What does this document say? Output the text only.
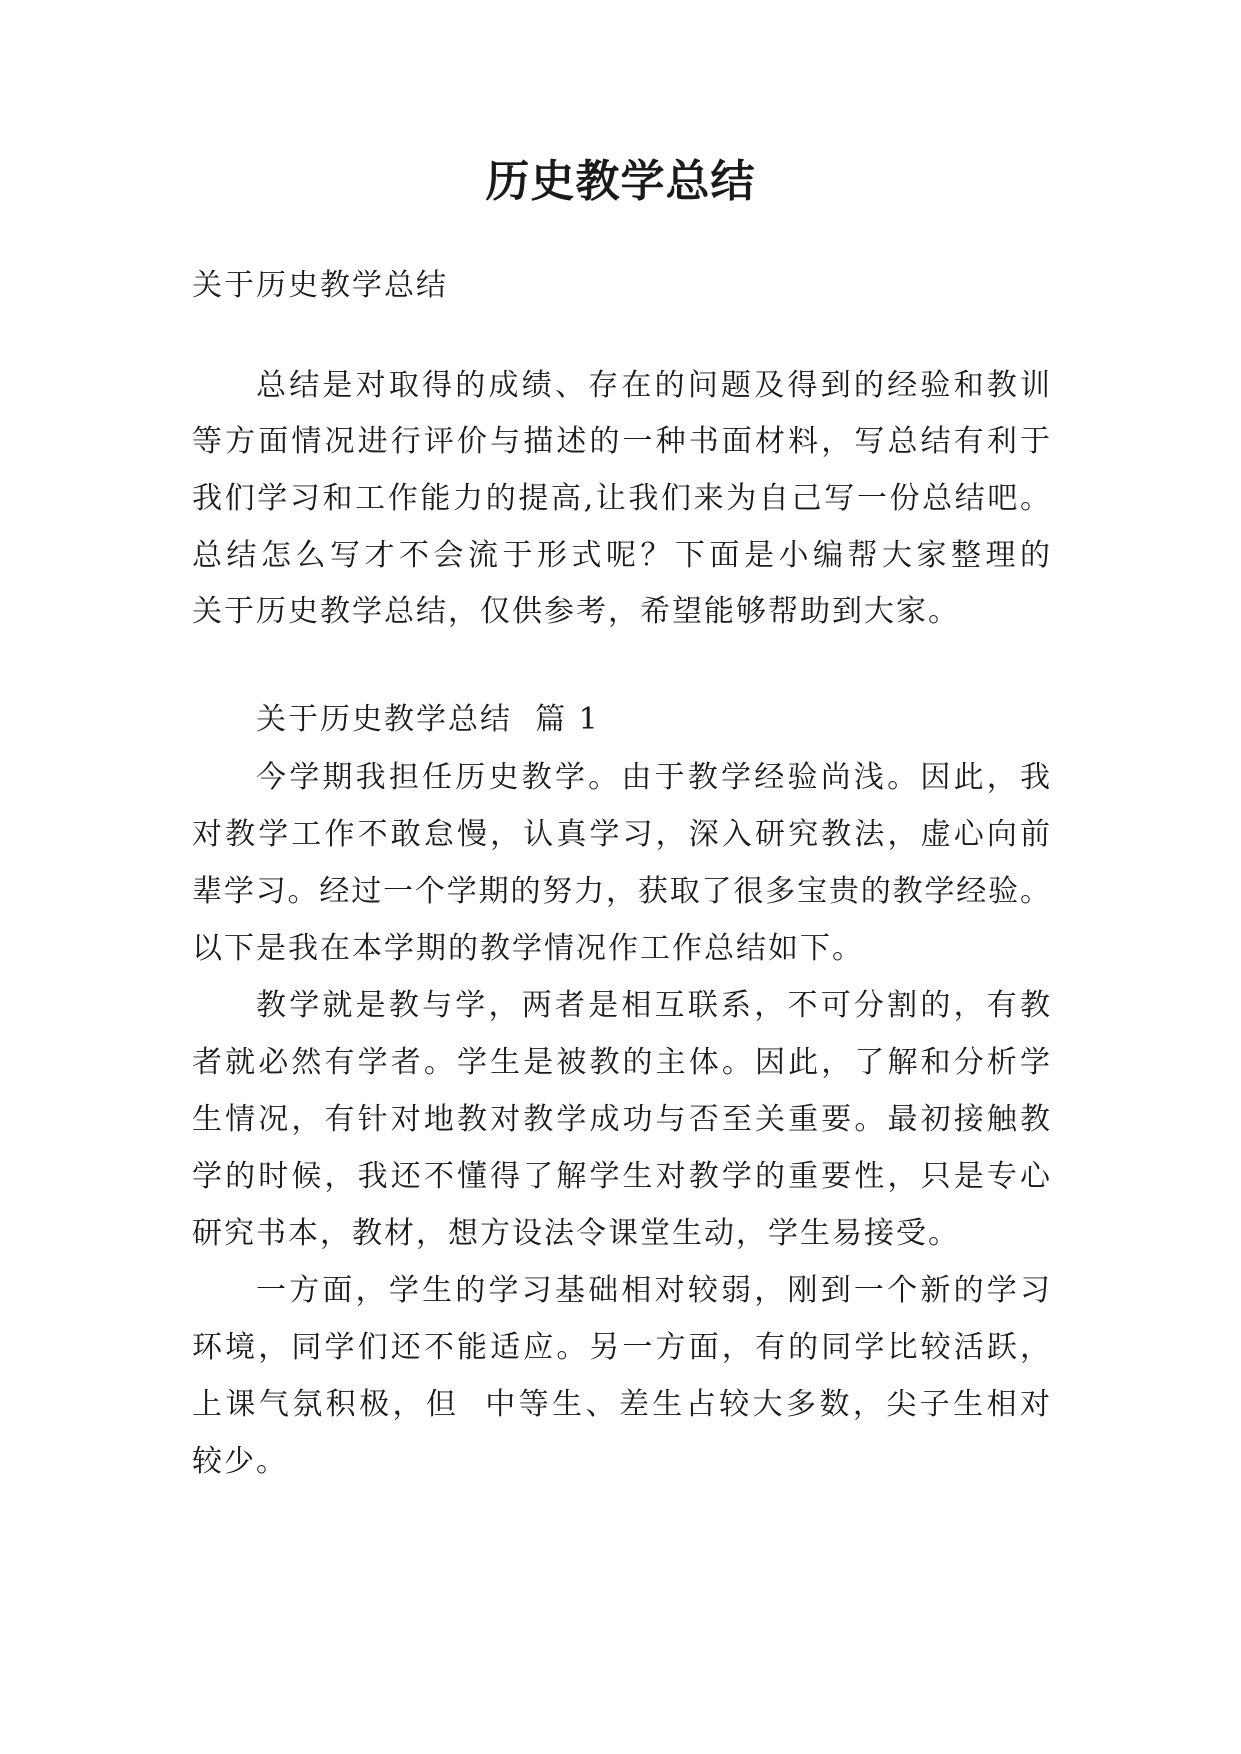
历史教学总结

关于历史教学总结

总结是对取得的成绩、存在的问题及得到的经验和教训

等方面情况进行评价与描述的一种书面材料，写总结有利于

我们学习和工作能力的提高,让我们来为自己写一份总结吧。

总结怎么写才不会流于形式呢？下面是小编帮大家整理的

关于历史教学总结，仅供参考，希望能够帮助到大家。

关于历史教学总结  篇 1

今学期我担任历史教学。由于教学经验尚浅。因此，我

对教学工作不敢怠慢，认真学习，深入研究教法，虚心向前

辈学习。经过一个学期的努力，获取了很多宝贵的教学经验。

以下是我在本学期的教学情况作工作总结如下。

教学就是教与学，两者是相互联系，不可分割的，有教

者就必然有学者。学生是被教的主体。因此，了解和分析学

生情况，有针对地教对教学成功与否至关重要。最初接触教

学的时候，我还不懂得了解学生对教学的重要性，只是专心

研究书本，教材，想方设法令课堂生动，学生易接受。

一方面，学生的学习基础相对较弱，刚到一个新的学习

环境，同学们还不能适应。另一方面，有的同学比较活跃，

上课气氛积极，但  中等生、差生占较大多数，尖子生相对

较少。
